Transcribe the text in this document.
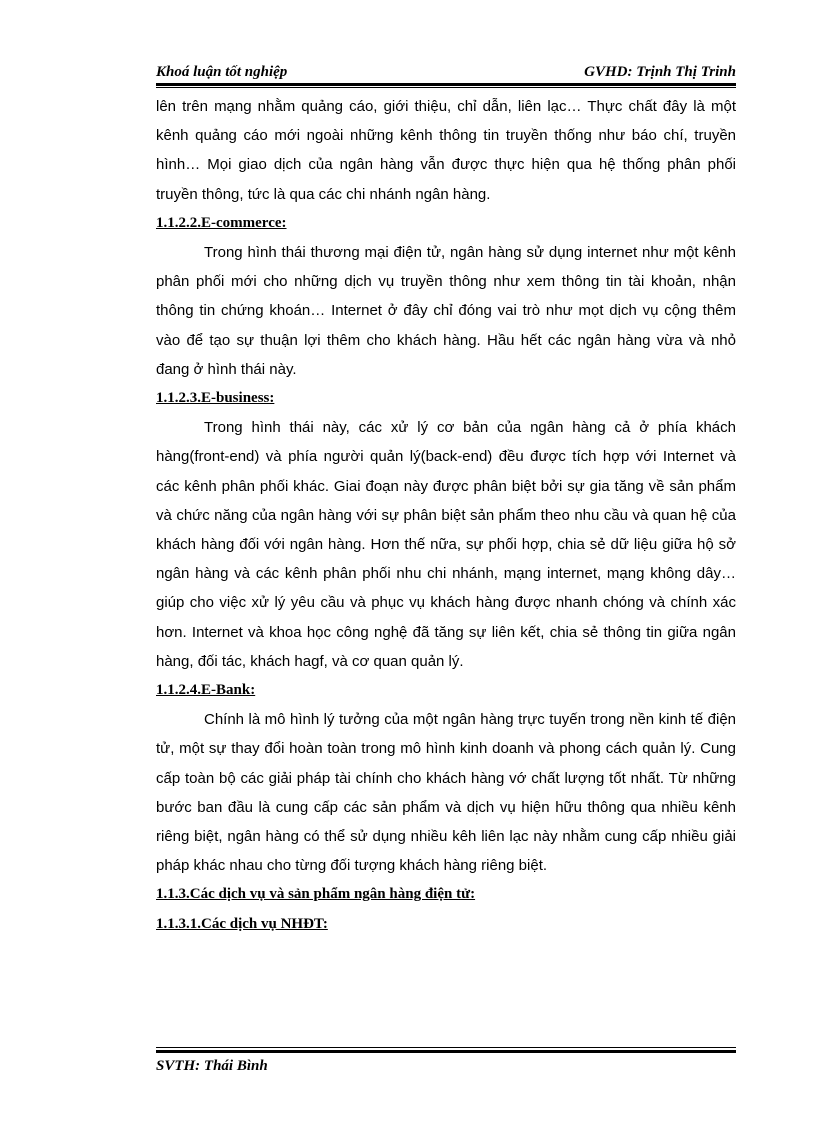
Khoá luận tốt nghiệp	GVHD: Trịnh Thị Trinh

lên trên mạng nhằm quảng cáo, giới thiệu, chỉ dẫn, liên lạc… Thực chất đây là một kênh quảng cáo mới ngoài những kênh thông tin truyền thống như báo chí, truyền hình… Mọi giao dịch của ngân hàng vẫn được thực hiện qua hệ thống phân phối truyền thông, tức là qua các chi nhánh ngân hàng.

1.1.2.2.E-commerce:

Trong hình thái thương mại điện tử, ngân hàng sử dụng internet như một kênh phân phối mới cho những dịch vụ truyền thông như xem thông tin tài khoản, nhận thông tin chứng khoán… Internet ở đây chỉ đóng vai trò như mọt dịch vụ cộng thêm vào để tạo sự thuận lợi thêm cho khách hàng. Hầu hết các ngân hàng vừa và nhỏ đang ở hình thái này.

1.1.2.3.E-business:

Trong hình thái này, các xử lý cơ bản của ngân hàng cả ở phía khách hàng(front-end) và phía người quản lý(back-end) đều được tích hợp với Internet và các kênh phân phối khác. Giai đoạn này được phân biệt bởi sự gia tăng về sản phẩm và chức năng của ngân hàng với sự phân biệt sản phẩm theo nhu cầu và quan hệ của khách hàng đối với ngân hàng. Hơn thế nữa, sự phối hợp, chia sẻ dữ liệu giữa hộ sở ngân hàng và các kênh phân phối nhu chi nhánh, mạng internet, mạng không dây…giúp cho việc xử lý yêu cầu và phục vụ khách hàng được nhanh chóng và chính xác hơn. Internet và khoa học công nghệ đã tăng sự liên kết, chia sẻ thông tin giữa ngân hàng, đối tác, khách hagf, và cơ quan quản lý.

1.1.2.4.E-Bank:

Chính là mô hình lý tưởng của một ngân hàng trực tuyến trong nền kinh tế điện tử, một sự thay đổi hoàn toàn trong mô hình kinh doanh và phong cách quản lý. Cung cấp toàn bộ các giải pháp tài chính cho khách hàng vớ chất lượng tốt nhất. Từ những bước ban đầu là cung cấp các sản phẩm và dịch vụ hiện hữu thông qua nhiều kênh riêng biệt, ngân hàng có thể sử dụng nhiều kêh liên lạc này nhằm cung cấp nhiều giải pháp khác nhau cho từng đối tượng khách hàng riêng biệt.

1.1.3.Các dịch vụ và sản phẩm ngân hàng điện tử:
1.1.3.1.Các dịch vụ NHĐT:
SVTH: Thái Bình
